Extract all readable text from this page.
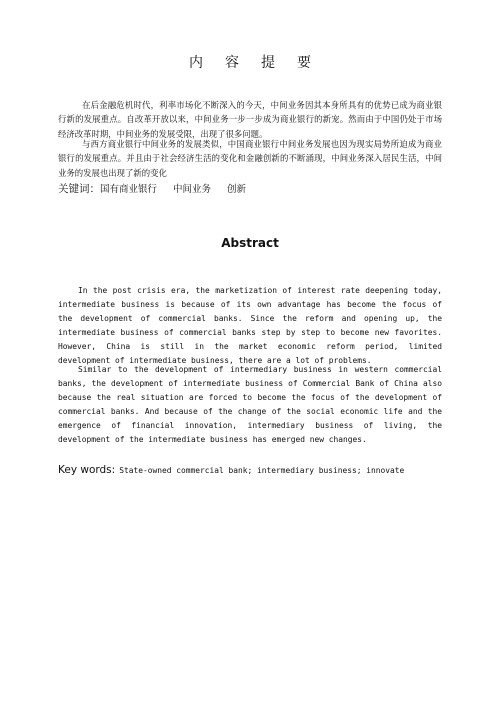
内容提要

在后金融危机时代，利率市场化不断深入的今天，中间业务因其本身所具有的优势已成为商业银行新的发展重点。自改革开放以来，中间业务一步一步成为商业银行的新宠。然而由于中国仍处于市场经济改革时期，中间业务的发展受限，出现了很多问题。

与西方商业银行中间业务的发展类似，中国商业银行中间业务发展也因为现实局势所迫成为商业银行的发展重点。并且由于社会经济生活的变化和金融创新的不断涌现，中间业务深入居民生活，中间业务的发展也出现了新的变化

关键词：国有商业银行 中间业务 创新
Abstract

In the post crisis era, the marketization of interest rate deepening today, intermediate business is because of its own advantage has become the focus of the development of commercial banks. Since the reform and opening up, the intermediate business of commercial banks step by step to become new favorites. However, China is still in the market economic reform period, limited development of intermediate business, there are a lot of problems.

Similar to the development of intermediary business in western commercial banks, the development of intermediate business of Commercial Bank of China also because the real situation are forced to become the focus of the development of commercial banks. And because of the change of the social economic life and the emergence of financial innovation, intermediary business of living, the development of the intermediate business has emerged new changes.

Key words: State-owned commercial bank; intermediary business; innovate
